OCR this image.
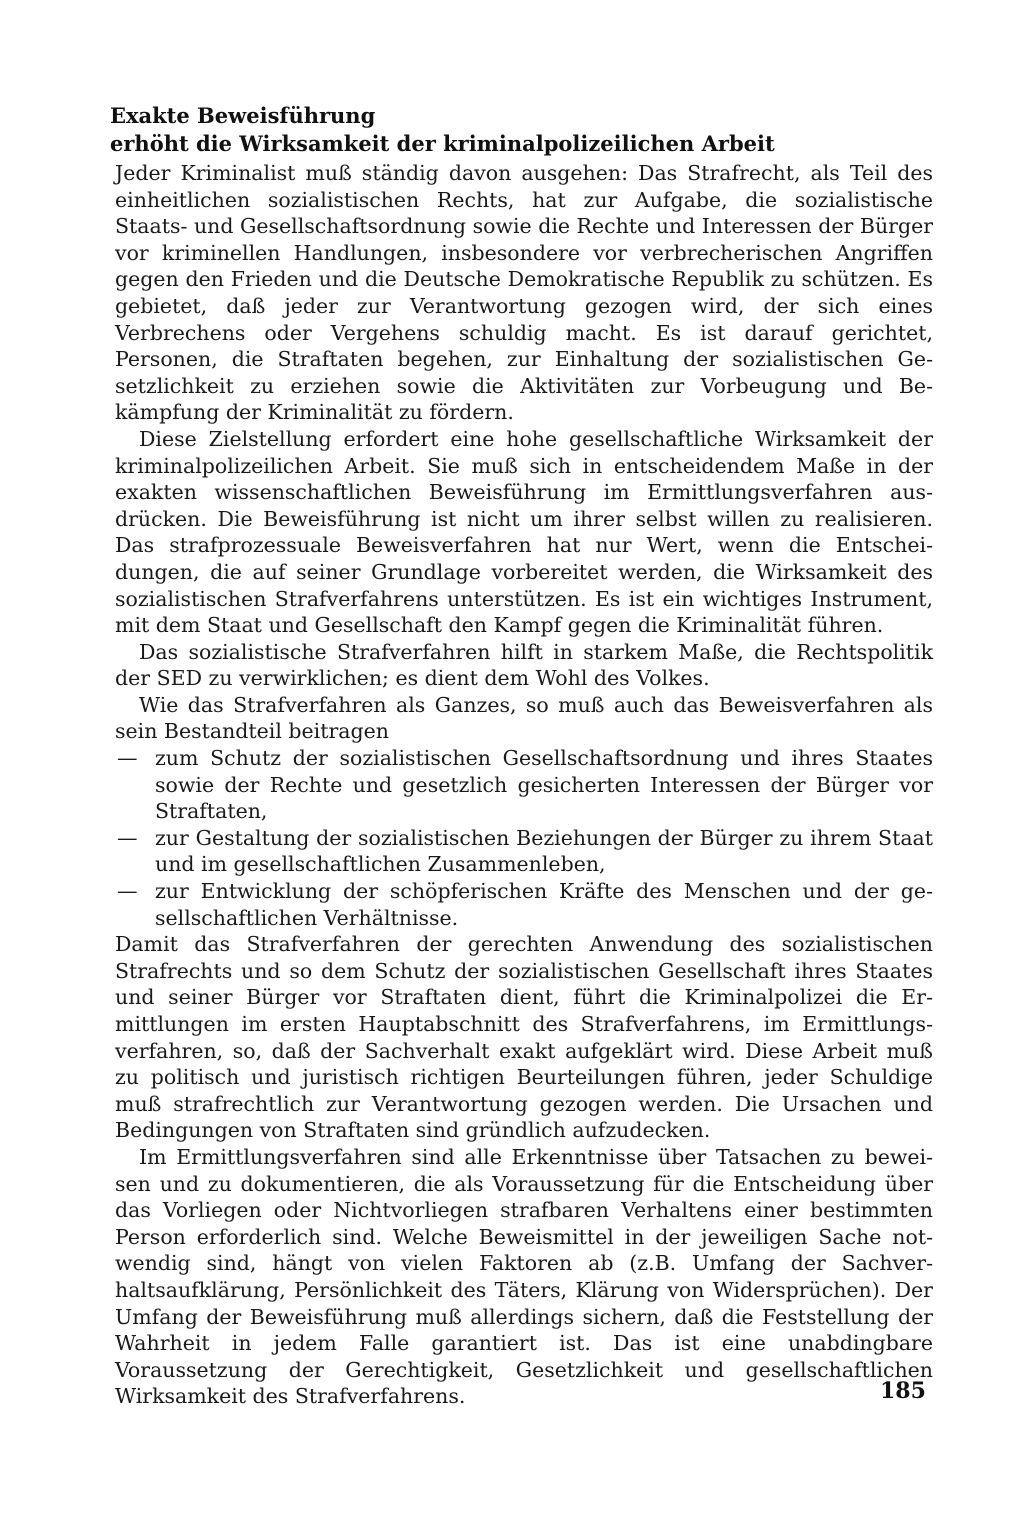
Exakte Beweisführung
erhöht die Wirksamkeit der kriminalpolizeilichen Arbeit

Jeder Kriminalist muß ständig davon ausgehen: Das Strafrecht, als Teil des einheitlichen sozialistischen Rechts, hat zur Aufgabe, die sozialistische Staats- und Gesellschaftsordnung sowie die Rechte und Interessen der Bürger vor kriminellen Handlungen, insbesondere vor verbrecherischen Angriffen gegen den Frieden und die Deutsche Demokratische Republik zu schützen. Es gebietet, daß jeder zur Verantwortung gezogen wird, der sich eines Verbrechens oder Vergehens schuldig macht. Es ist darauf gerichtet, Personen, die Straftaten begehen, zur Einhaltung der sozialistischen Gesetzlichkeit zu erziehen sowie die Aktivitäten zur Vorbeugung und Bekämpfung der Kriminalität zu fördern.

Diese Zielstellung erfordert eine hohe gesellschaftliche Wirksamkeit der kriminalpolizeilichen Arbeit. Sie muß sich in entscheidendem Maße in der exakten wissenschaftlichen Beweisführung im Ermittlungsverfahren ausdrücken. Die Beweisführung ist nicht um ihrer selbst willen zu realisieren. Das strafprozessuale Beweisverfahren hat nur Wert, wenn die Entscheidungen, die auf seiner Grundlage vorbereitet werden, die Wirksamkeit des sozialistischen Strafverfahrens unterstützen. Es ist ein wichtiges Instrument, mit dem Staat und Gesellschaft den Kampf gegen die Kriminalität führen.

Das sozialistische Strafverfahren hilft in starkem Maße, die Rechtspolitik der SED zu verwirklichen; es dient dem Wohl des Volkes.

Wie das Strafverfahren als Ganzes, so muß auch das Beweisverfahren als sein Bestandteil beitragen

— zum Schutz der sozialistischen Gesellschaftsordnung und ihres Staates sowie der Rechte und gesetzlich gesicherten Interessen der Bürger vor Straftaten,
— zur Gestaltung der sozialistischen Beziehungen der Bürger zu ihrem Staat und im gesellschaftlichen Zusammenleben,
— zur Entwicklung der schöpferischen Kräfte des Menschen und der gesellschaftlichen Verhältnisse.

Damit das Strafverfahren der gerechten Anwendung des sozialistischen Strafrechts und so dem Schutz der sozialistischen Gesellschaft ihres Staates und seiner Bürger vor Straftaten dient, führt die Kriminalpolizei die Ermittlungen im ersten Hauptabschnitt des Strafverfahrens, im Ermittlungsverfahren, so, daß der Sachverhalt exakt aufgeklärt wird. Diese Arbeit muß zu politisch und juristisch richtigen Beurteilungen führen, jeder Schuldige muß strafrechtlich zur Verantwortung gezogen werden. Die Ursachen und Bedingungen von Straftaten sind gründlich aufzudecken.

Im Ermittlungsverfahren sind alle Erkenntnisse über Tatsachen zu beweisen und zu dokumentieren, die als Voraussetzung für die Entscheidung über das Vorliegen oder Nichtvorliegen strafbaren Verhaltens einer bestimmten Person erforderlich sind. Welche Beweismittel in der jeweiligen Sache notwendig sind, hängt von vielen Faktoren ab (z.B. Umfang der Sachverhaltsaufklärung, Persönlichkeit des Täters, Klärung von Widersprüchen). Der Umfang der Beweisführung muß allerdings sichern, daß die Feststellung der Wahrheit in jedem Falle garantiert ist. Das ist eine unabdingbare Voraussetzung der Gerechtigkeit, Gesetzlichkeit und gesellschaftlichen Wirksamkeit des Strafverfahrens.	185
